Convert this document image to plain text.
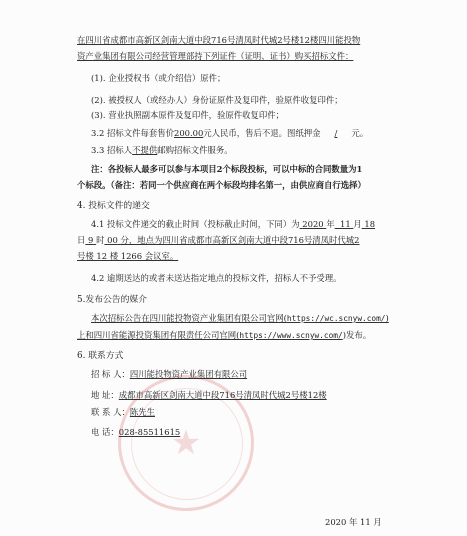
在四川省成都市高新区剑南大道中段716号清凤时代城2号楼12楼四川能投物
资产业集团有限公司经营管理部持下列证件（证明、证书）购买招标文件：
(1). 企业授权书（或介绍信）原件；
(2). 被授权人（或经办人）身份证原件及复印件，验原件收复印件；
(3). 营业执照副本原件及复印件，验原件收复印件；
3.2 招标文件每套售价200.00元人民币，售后不退。图纸押金 / 元。
3.3 招标人不提供邮购招标文件服务。
注：各投标人最多可以参与本项目2个标段投标，可以中标的合同数量为1
个标段。（备注：若同一个供应商在两个标段均排名第一，由供应商自行选择）
4. 投标文件的递交
4.1 投标文件递交的截止时间（投标截止时间，下同）为 2020 年 11 月 18
日 9 时 00 分，地点为四川省成都市高新区剑南大道中段716号清凤时代城2
号楼 12 楼 1266 会议室。
4.2 逾期送达的或者未送达指定地点的投标文件，招标人不予受理。
5.发布公告的媒介
本次招标公告在四川能投物资产业集团有限公司官网(https://wc.scnyw.com/)
上和四川省能源投资集团有限责任公司官网(https://www.scnyw.com/)发布。
6. 联系方式
★
招 标 人：四川能投物资产业集团有限公司
地 址：成都市高新区剑南大道中段716号清凤时代城2号楼12楼
联 系 人：陈先生
电 话：028-85511615
2020 年 11 月
